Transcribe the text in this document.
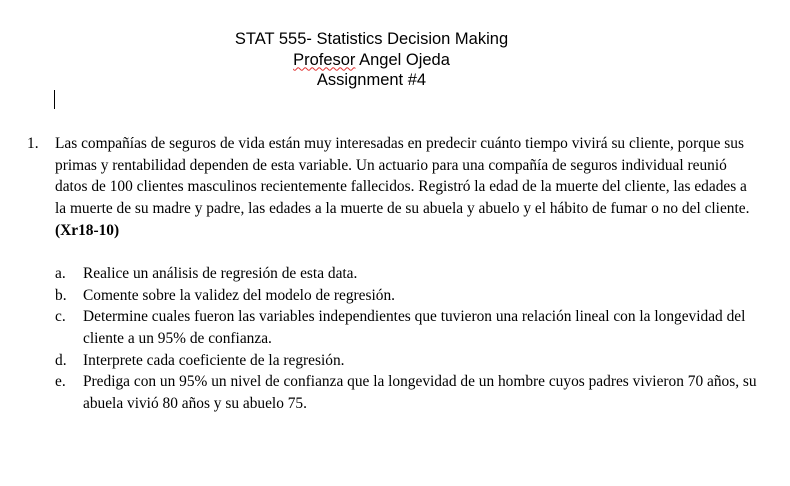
STAT 555- Statistics Decision Making
Profesor Angel Ojeda
Assignment #4
1. Las compañías de seguros de vida están muy interesadas en predecir cuánto tiempo vivirá su cliente, porque sus primas y rentabilidad dependen de esta variable. Un actuario para una compañía de seguros individual reunió datos de 100 clientes masculinos recientemente fallecidos. Registró la edad de la muerte del cliente, las edades a la muerte de su madre y padre, las edades a la muerte de su abuela y abuelo y el hábito de fumar o no del cliente. (Xr18-10)

a. Realice un análisis de regresión de esta data.
b. Comente sobre la validez del modelo de regresión.
c. Determine cuales fueron las variables independientes que tuvieron una relación lineal con la longevidad del cliente a un 95% de confianza.
d. Interprete cada coeficiente de la regresión.
e. Prediga con un 95% un nivel de confianza que la longevidad de un hombre cuyos padres vivieron 70 años, su abuela vivió 80 años y su abuelo 75.
